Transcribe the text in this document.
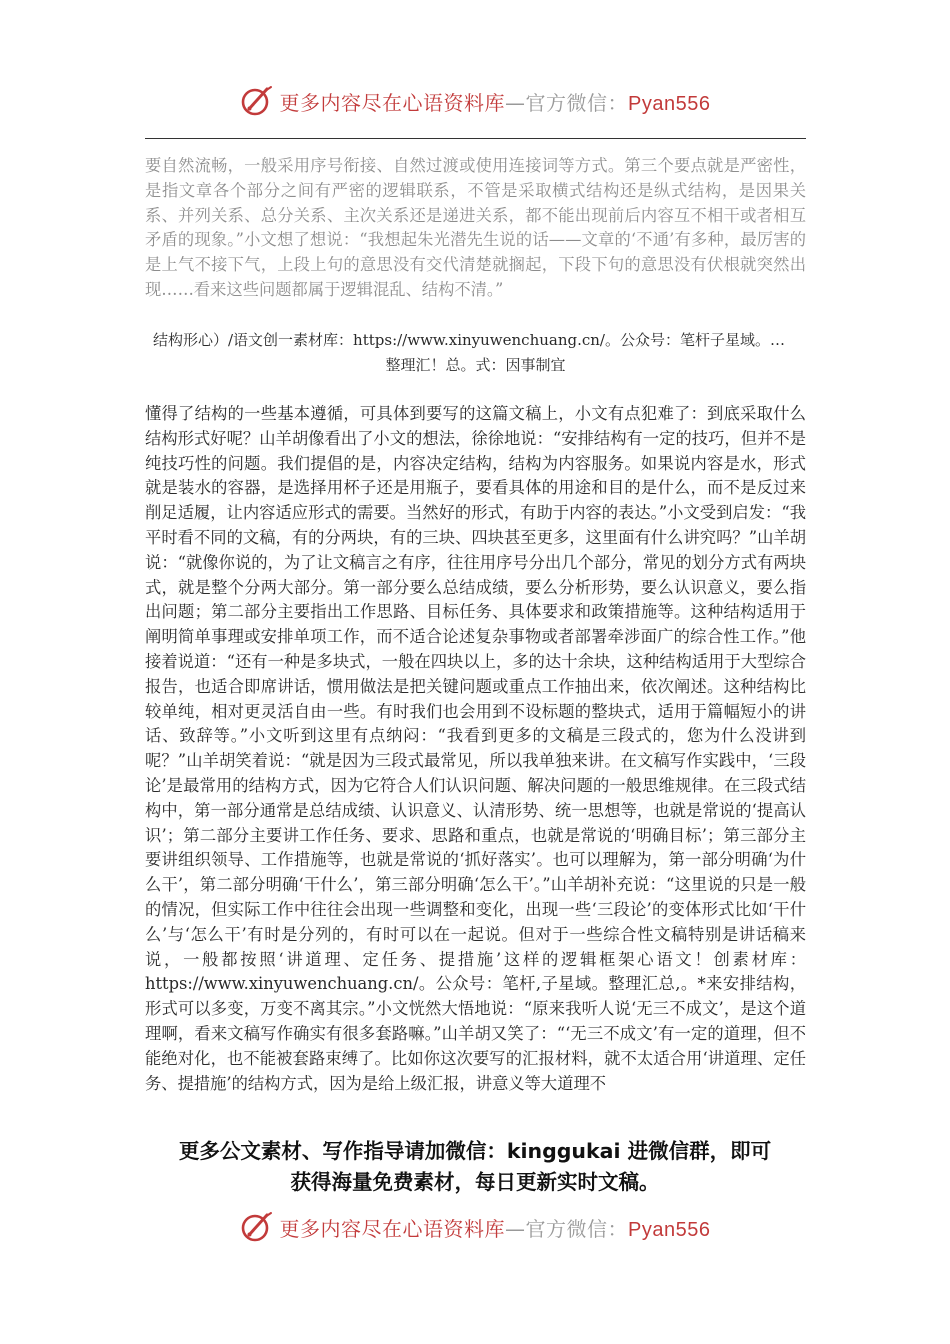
更多内容尽在心语资料库—官方微信：Pyan556

要自然流畅，一般采用序号衔接、自然过渡或使用连接词等方式。第三个要点就是严密性，是指文章各个部分之间有严密的逻辑联系，不管是采取横式结构还是纵式结构，是因果关系、并列关系、总分关系、主次关系还是递进关系，都不能出现前后内容互不相干或者相互矛盾的现象。”小文想了想说：“我想起朱光潜先生说的话——文章的‘不通’有多种，最厉害的是上气不接下气，上段上句的意思没有交代清楚就搁起，下段下句的意思没有伏根就突然出现……看来这些问题都属于逻辑混乱、结构不清。”

结构形心）/语文创一素材库：https://www.xinyuwenchuang.cn/。公众号：笔杆子星域。…
整理汇！总。式：因事制宜

懂得了结构的一些基本遵循，可具体到要写的这篇文稿上，小文有点犯难了：到底采取什么结构形式好呢？山羊胡像看出了小文的想法，徐徐地说：“安排结构有一定的技巧，但并不是纯技巧性的问题。我们提倡的是，内容决定结构，结构为内容服务。如果说内容是水，形式就是装水的容器，是选择用杯子还是用瓶子，要看具体的用途和目的是什么，而不是反过来削足适履，让内容适应形式的需要。当然好的形式，有助于内容的表达。”小文受到启发：“我平时看不同的文稿，有的分两块，有的三块、四块甚至更多，这里面有什么讲究吗？”山羊胡说：“就像你说的，为了让文稿言之有序，往往用序号分出几个部分，常见的划分方式有两块式，就是整个分两大部分。第一部分要么总结成绩，要么分析形势，要么认识意义，要么指出问题；第二部分主要指出工作思路、目标任务、具体要求和政策措施等。这种结构适用于阐明简单事理或安排单项工作，而不适合论述复杂事物或者部署牵涉面广的综合性工作。”他接着说道：“还有一种是多块式，一般在四块以上，多的达十余块，这种结构适用于大型综合报告，也适合即席讲话，惯用做法是把关键问题或重点工作抽出来，依次阐述。这种结构比较单纯，相对更灵活自由一些。有时我们也会用到不设标题的整块式，适用于篇幅短小的讲话、致辞等。”小文听到这里有点纳闷：“我看到更多的文稿是三段式的，您为什么没讲到呢？”山羊胡笑着说：“就是因为三段式最常见，所以我单独来讲。在文稿写作实践中，‘三段论’是最常用的结构方式，因为它符合人们认识问题、解决问题的一般思维规律。在三段式结构中，第一部分通常是总结成绩、认识意义、认清形势、统一思想等，也就是常说的‘提高认识’；第二部分主要讲工作任务、要求、思路和重点，也就是常说的‘明确目标’；第三部分主要讲组织领导、工作措施等，也就是常说的‘抓好落实’。也可以理解为，第一部分明确‘为什么干’，第二部分明确‘干什么’，第三部分明确‘怎么干’。”山羊胡补充说：“这里说的只是一般的情况，但实际工作中往往会出现一些调整和变化，出现一些‘三段论’的变体形式比如‘干什么’与‘怎么干’有时是分列的，有时可以在一起说。但对于一些综合性文稿特别是讲话稿来说，一般都按照‘讲道理、定任务、提措施’这样的逻辑框架心语文！创素材库：https://www.xinyuwenchuang.cn/。公众号：笔杆,子星域。整理汇总,。*来安排结构，形式可以多变，万变不离其宗。”小文恍然大悟地说：“原来我听人说‘无三不成文’，是这个道理啊，看来文稿写作确实有很多套路嘛。”山羊胡又笑了：“‘无三不成文’有一定的道理，但不能绝对化，也不能被套路束缚了。比如你这次要写的汇报材料，就不太适合用‘讲道理、定任务、提措施’的结构方式，因为是给上级汇报，讲意义等大道理不

更多公文素材、写作指导请加微信：kinggukai 进微信群，即可
获得海量免费素材，每日更新实时文稿。
更多内容尽在心语资料库—官方微信：Pyan556
